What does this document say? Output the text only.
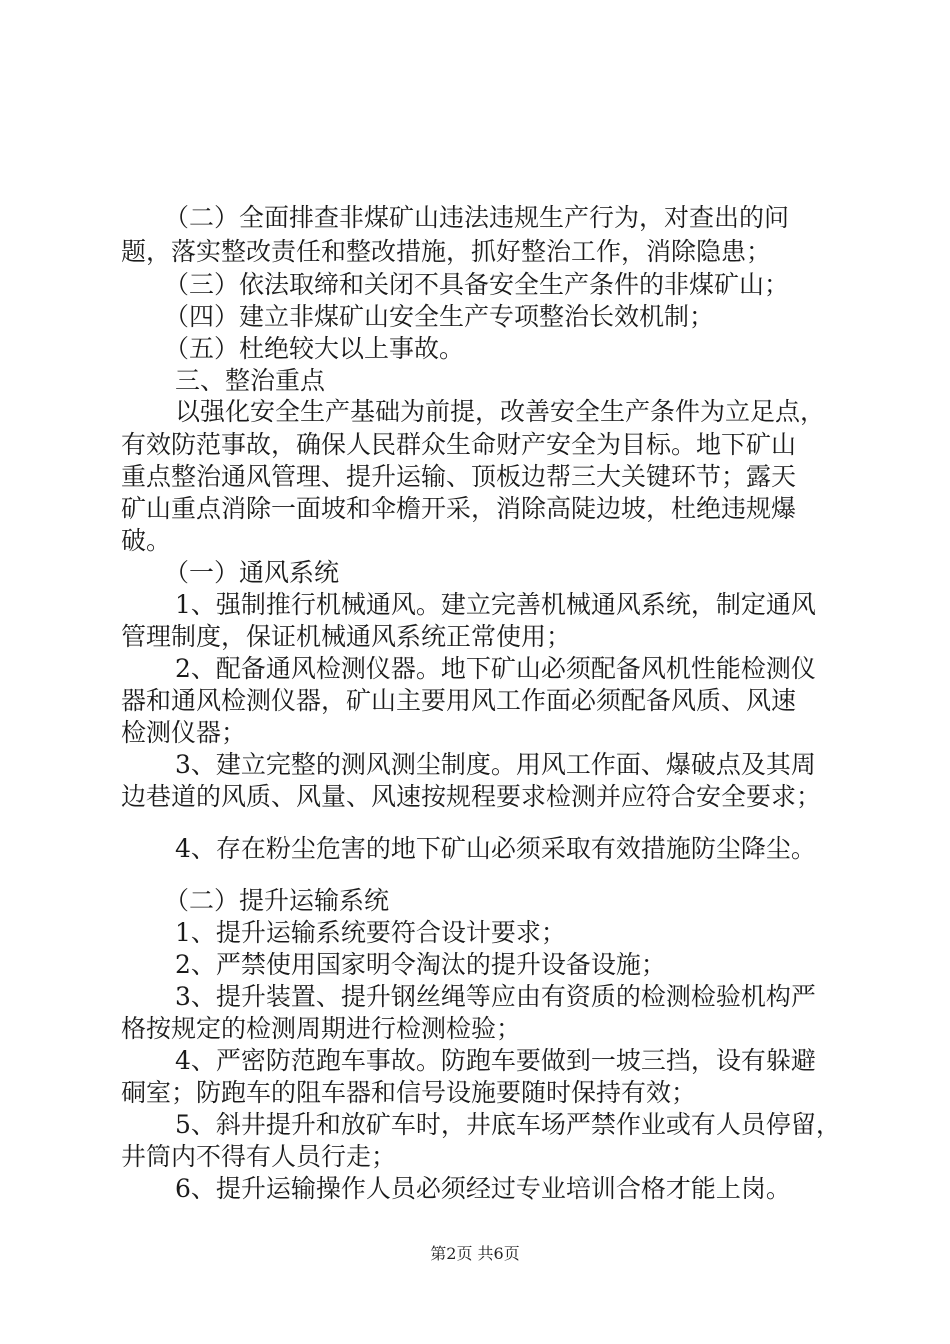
（二）全面排查非煤矿山违法违规生产行为，对查出的问
题，落实整改责任和整改措施，抓好整治工作，消除隐患；
（三）依法取缔和关闭不具备安全生产条件的非煤矿山；
（四）建立非煤矿山安全生产专项整治长效机制；
（五）杜绝较大以上事故。
三、整治重点
以强化安全生产基础为前提，改善安全生产条件为立足点，
有效防范事故，确保人民群众生命财产安全为目标。地下矿山
重点整治通风管理、提升运输、顶板边帮三大关键环节；露天
矿山重点消除一面坡和伞檐开采，消除高陡边坡，杜绝违规爆
破。
（一）通风系统
1、强制推行机械通风。建立完善机械通风系统，制定通风
管理制度，保证机械通风系统正常使用；
2、配备通风检测仪器。地下矿山必须配备风机性能检测仪
器和通风检测仪器，矿山主要用风工作面必须配备风质、风速
检测仪器；
3、建立完整的测风测尘制度。用风工作面、爆破点及其周
边巷道的风质、风量、风速按规程要求检测并应符合安全要求；
4、存在粉尘危害的地下矿山必须采取有效措施防尘降尘。
（二）提升运输系统
1、提升运输系统要符合设计要求；
2、严禁使用国家明令淘汰的提升设备设施；
3、提升装置、提升钢丝绳等应由有资质的检测检验机构严
格按规定的检测周期进行检测检验；
4、严密防范跑车事故。防跑车要做到一坡三挡，设有躲避
硐室；防跑车的阻车器和信号设施要随时保持有效；
5、斜井提升和放矿车时，井底车场严禁作业或有人员停留，
井筒内不得有人员行走；
6、提升运输操作人员必须经过专业培训合格才能上岗。
第2页 共6页
